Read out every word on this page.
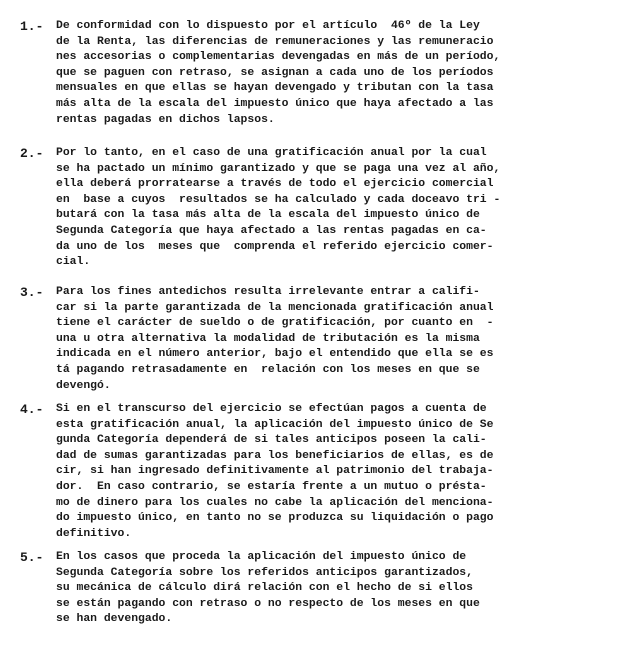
1.- De conformidad con lo dispuesto por el artículo  46º de la Ley
de la Renta, las diferencias de remuneraciones y las remuneracio
nes accesorias o complementarias devengadas en más de un período,
que se paguen con retraso, se asignan a cada uno de los períodos
mensuales en que ellas se hayan devengado y tributan con la tasa
más alta de la escala del impuesto único que haya afectado a las
rentas pagadas en dichos lapsos.
2.- Por lo tanto, en el caso de una gratificación anual por la cual
se ha pactado un mínimo garantizado y que se paga una vez al año,
ella deberá prorratearse a través de todo el ejercicio comercial
en  base a cuyos  resultados se ha calculado y cada doceavo tri -
butará con la tasa más alta de la escala del impuesto único de
Segunda Categoría que haya afectado a las rentas pagadas en ca-
da uno de los  meses que  comprenda el referido ejercicio comer-
cial.
3.- Para los fines antedichos resulta irrelevante entrar a califi-
car si la parte garantizada de la mencionada gratificación anual
tiene el carácter de sueldo o de gratificación, por cuanto en  -
una u otra alternativa la modalidad de tributación es la misma
indicada en el número anterior, bajo el entendido que ella se es
tá pagando retrasadamente en  relación con los meses en que se
devengó.
4.- Si en el transcurso del ejercicio se efectúan pagos a cuenta de
esta gratificación anual, la aplicación del impuesto único de Se
gunda Categoría dependerá de si tales anticipos poseen la cali-
dad de sumas garantizadas para los beneficiarios de ellas, es de
cir, si han ingresado definitivamente al patrimonio del trabaja-
dor.  En caso contrario, se estaría frente a un mutuo o présta-
mo de dinero para los cuales no cabe la aplicación del menciona-
do impuesto único, en tanto no se produzca su liquidación o pago
definitivo.
5.- En los casos que proceda la aplicación del impuesto único de
Segunda Categoría sobre los referidos anticipos garantizados,
su mecánica de cálculo dirá relación con el hecho de si ellos
se están pagando con retraso o no respecto de los meses en que
se han devengado.
